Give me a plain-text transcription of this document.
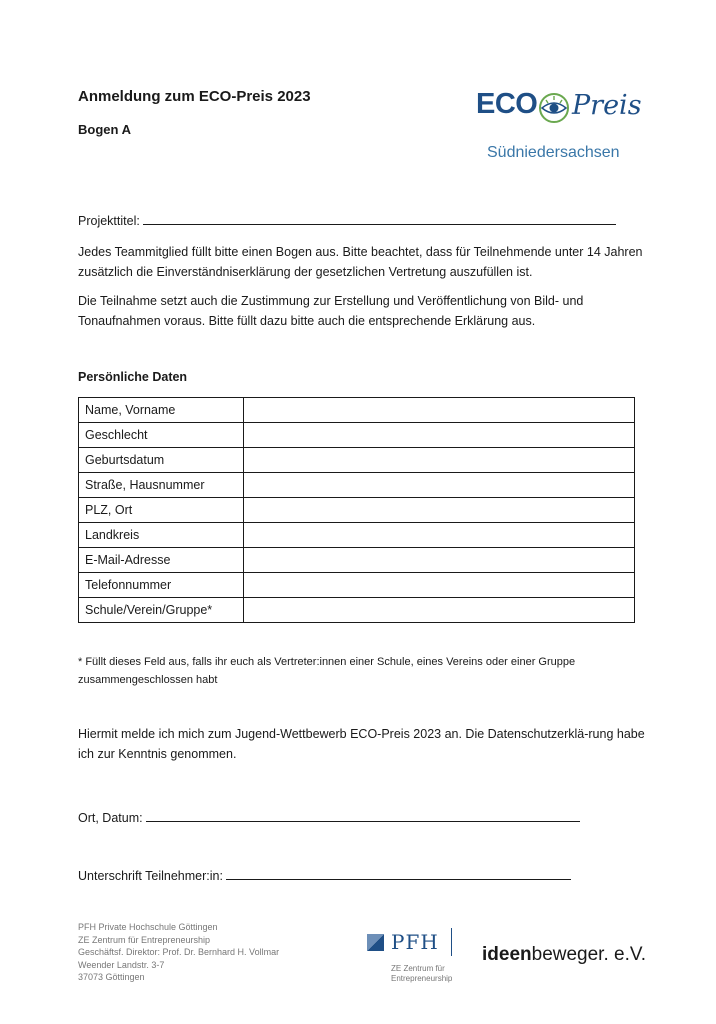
Anmeldung zum ECO-Preis 2023
Bogen A
ECO Preis
Südniedersachsen
Projekttitel:
Jedes Teammitglied füllt bitte einen Bogen aus. Bitte beachtet, dass für Teilnehmende unter 14 Jahren zusätzlich die Einverständniserklärung der gesetzlichen Vertretung auszufüllen ist.
Die Teilnahme setzt auch die Zustimmung zur Erstellung und Veröffentlichung von Bild- und Tonaufnahmen voraus. Bitte füllt dazu bitte auch die entsprechende Erklärung aus.
Persönliche Daten
Name, Vorname	
Geschlecht	
Geburtsdatum	
Straße, Hausnummer	
PLZ, Ort	
Landkreis	
E-Mail-Adresse	
Telefonnummer	
Schule/Verein/Gruppe*	
* Füllt dieses Feld aus, falls ihr euch als Vertreter:innen einer Schule, eines Vereins oder einer Gruppe zusammengeschlossen habt
Hiermit melde ich mich zum Jugend-Wettbewerb ECO-Preis 2023 an. Die Datenschutzerklä-rung habe ich zur Kenntnis genommen.
Ort, Datum:
Unterschrift Teilnehmer:in:
PFH Private Hochschule Göttingen
ZE Zentrum für Entrepreneurship
Geschäftsf. Direktor: Prof. Dr. Bernhard H. Vollmar
Weender Landstr. 3-7
37073 Göttingen
PFH
ZE Zentrum für
Entrepreneurship
ideenbeweger. e.V.
